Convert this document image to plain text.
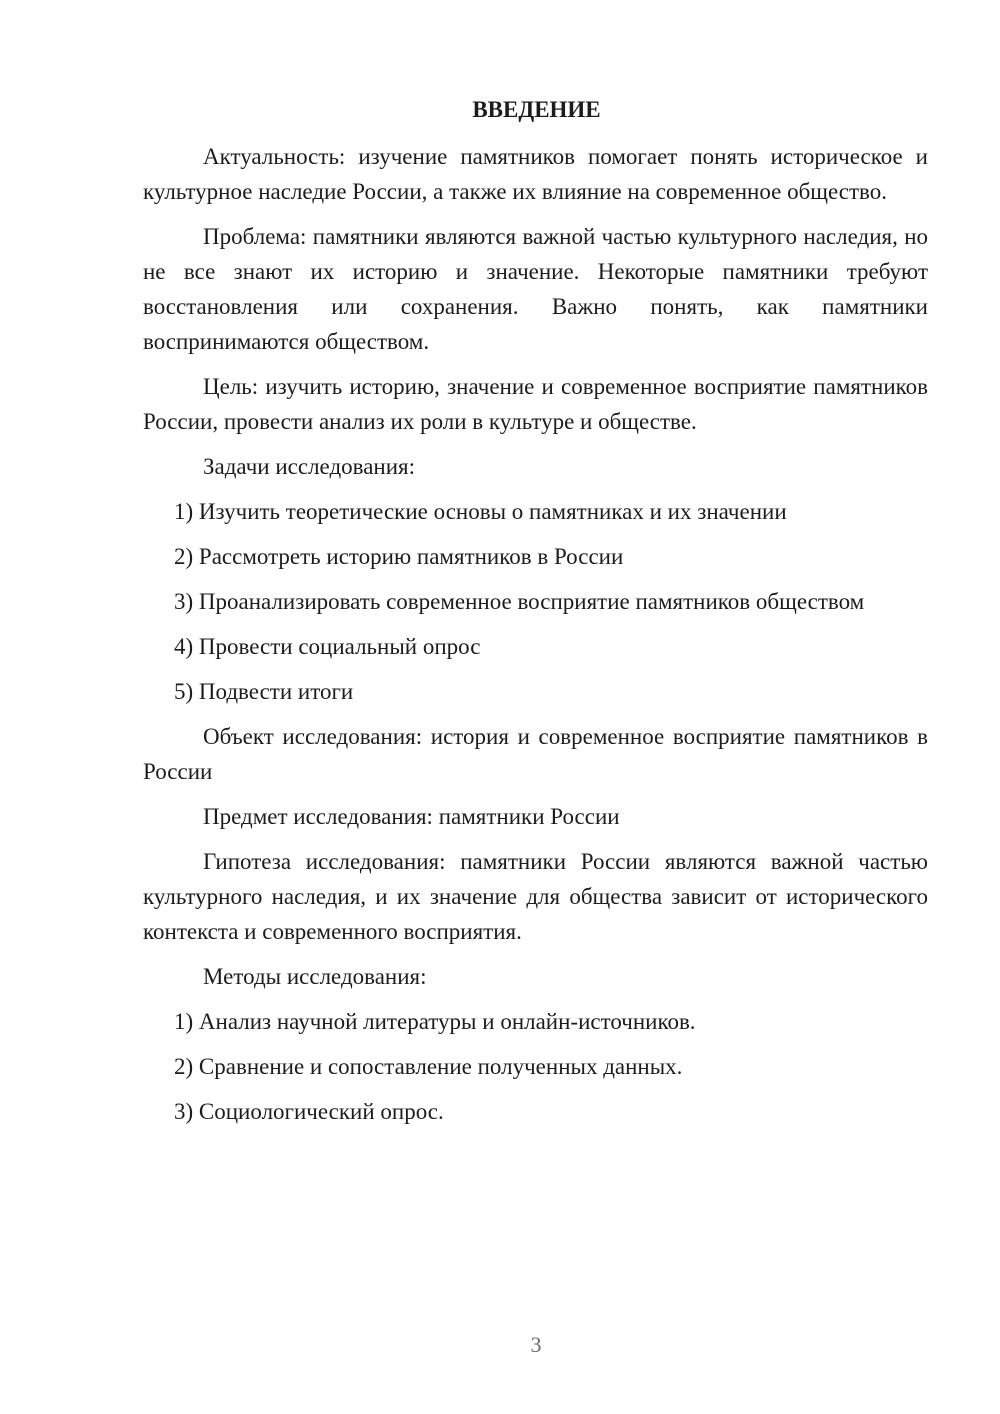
ВВЕДЕНИЕ

Актуальность: изучение памятников помогает понять историческое и культурное наследие России, а также их влияние на современное общество.

Проблема: памятники являются важной частью культурного наследия, но не все знают их историю и значение. Некоторые памятники требуют восстановления или сохранения. Важно понять, как памятники воспринимаются обществом.

Цель: изучить историю, значение и современное восприятие памятников России, провести анализ их роли в культуре и обществе.

Задачи исследования:

1) Изучить теоретические основы о памятниках и их значении

2) Рассмотреть историю памятников в России

3) Проанализировать современное восприятие памятников обществом

4) Провести социальный опрос

5) Подвести итоги

Объект исследования: история и современное восприятие памятников в России

Предмет исследования: памятники России

Гипотеза исследования: памятники России являются важной частью культурного наследия, и их значение для общества зависит от исторического контекста и современного восприятия.

Методы исследования:

1) Анализ научной литературы и онлайн-источников.

2) Сравнение и сопоставление полученных данных.

3) Социологический опрос.

3
